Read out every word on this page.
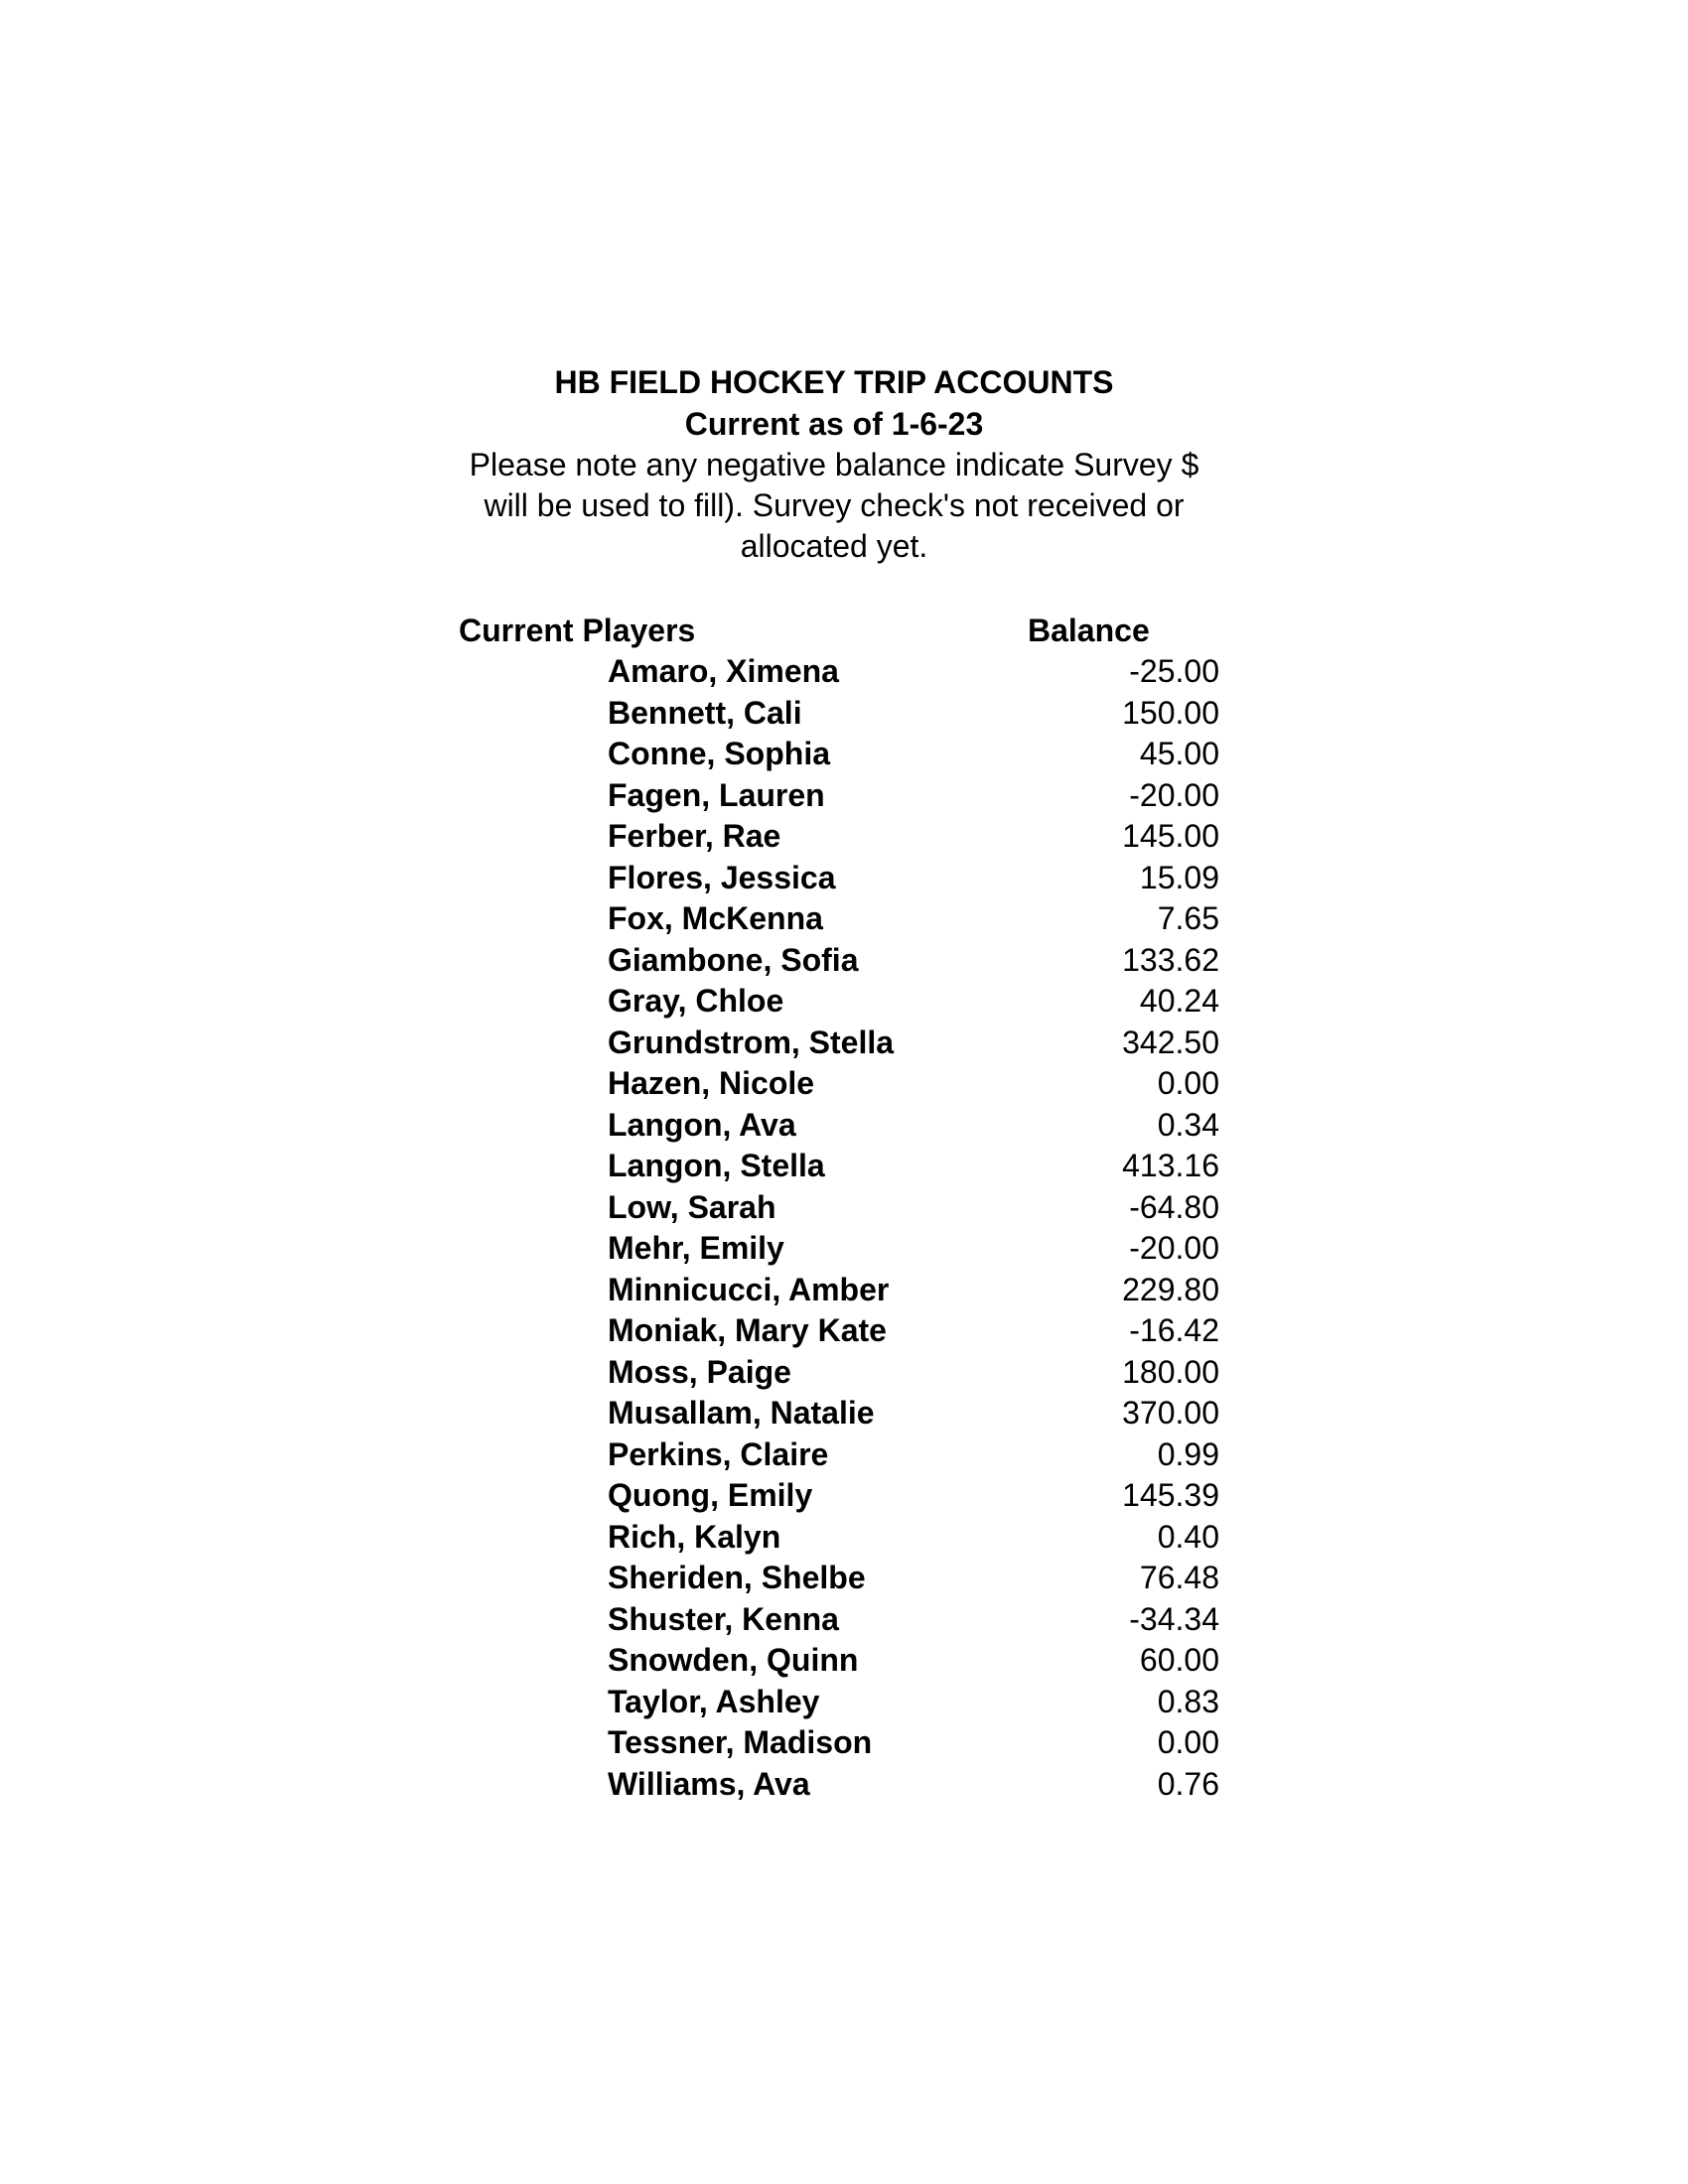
HB FIELD HOCKEY TRIP ACCOUNTS

Current as of 1-6-23

Please note any negative balance indicate Survey $ will be used to fill). Survey check's not received or allocated yet.

Current Players	Balance
Amaro, Ximena	-25.00
Bennett, Cali	150.00
Conne, Sophia	45.00
Fagen, Lauren	-20.00
Ferber, Rae	145.00
Flores, Jessica	15.09
Fox, McKenna	7.65
Giambone, Sofia	133.62
Gray, Chloe	40.24
Grundstrom, Stella	342.50
Hazen, Nicole	0.00
Langon, Ava	0.34
Langon, Stella	413.16
Low, Sarah	-64.80
Mehr, Emily	-20.00
Minnicucci, Amber	229.80
Moniak, Mary Kate	-16.42
Moss, Paige	180.00
Musallam, Natalie	370.00
Perkins, Claire	0.99
Quong, Emily	145.39
Rich, Kalyn	0.40
Sheriden, Shelbe	76.48
Shuster, Kenna	-34.34
Snowden, Quinn	60.00
Taylor, Ashley	0.83
Tessner, Madison	0.00
Williams, Ava	0.76
